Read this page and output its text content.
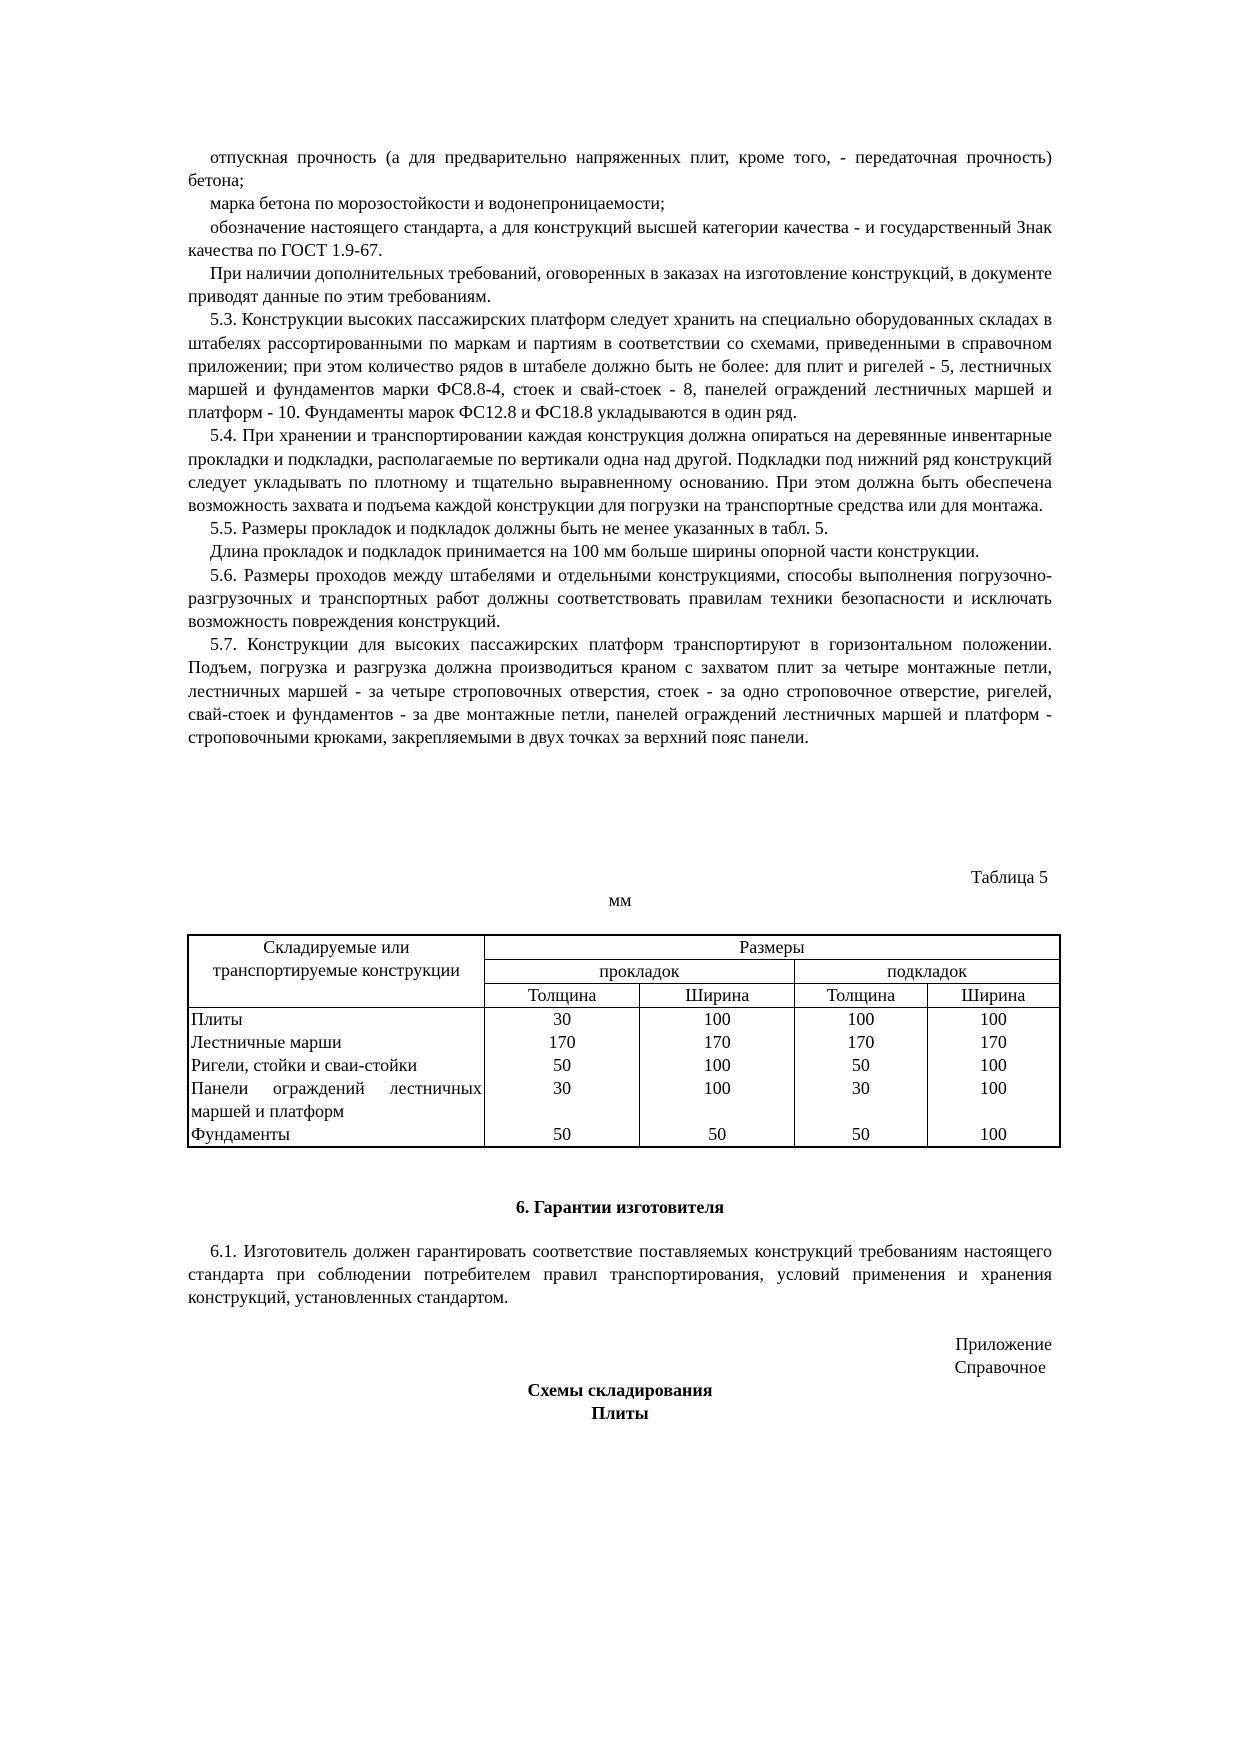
отпускная прочность (а для предварительно напряженных плит, кроме того, - передаточная прочность) бетона;

марка бетона по морозостойкости и водонепроницаемости;

обозначение настоящего стандарта, а для конструкций высшей категории качества - и государственный Знак качества по ГОСТ 1.9-67.

При наличии дополнительных требований, оговоренных в заказах на изготовление конструкций, в документе приводят данные по этим требованиям.

5.3. Конструкции высоких пассажирских платформ следует хранить на специально оборудованных складах в штабелях рассортированными по маркам и партиям в соответствии со схемами, приведенными в справочном приложении; при этом количество рядов в штабеле должно быть не более: для плит и ригелей - 5, лестничных маршей и фундаментов марки ФС8.8-4, стоек и свай-стоек - 8, панелей ограждений лестничных маршей и платформ - 10. Фундаменты марок ФС12.8 и ФС18.8 укладываются в один ряд.

5.4. При хранении и транспортировании каждая конструкция должна опираться на деревянные инвентарные прокладки и подкладки, располагаемые по вертикали одна над другой. Подкладки под нижний ряд конструкций следует укладывать по плотному и тщательно выравненному основанию. При этом должна быть обеспечена возможность захвата и подъема каждой конструкции для погрузки на транспортные средства или для монтажа.

5.5. Размеры прокладок и подкладок должны быть не менее указанных в табл. 5.

Длина прокладок и подкладок принимается на 100 мм больше ширины опорной части конструкции.

5.6. Размеры проходов между штабелями и отдельными конструкциями, способы выполнения погрузочно-разгрузочных и транспортных работ должны соответствовать правилам техники безопасности и исключать возможность повреждения конструкций.

5.7. Конструкции для высоких пассажирских платформ транспортируют в горизонтальном положении. Подъем, погрузка и разгрузка должна производиться краном с захватом плит за четыре монтажные петли, лестничных маршей - за четыре строповочных отверстия, стоек - за одно строповочное отверстие, ригелей, свай-стоек и фундаментов - за две монтажные петли, панелей ограждений лестничных маршей и платформ - строповочными крюками, закрепляемыми в двух точках за верхний пояс панели.

Таблица 5
мм
Складируемые или транспортируемые конструкции	Размеры			
	прокладок		подкладок	
	Толщина	Ширина	Толщина	Ширина
Плиты	30	100	100	100
Лестничные марши	170	170	170	170
Ригели, стойки и сваи-стойки	50	100	50	100
Панели ограждений лестничных маршей и платформ	30	100	30	100
Фундаменты	50	50	50	100
6. Гарантии изготовителя

6.1. Изготовитель должен гарантировать соответствие поставляемых конструкций требованиям настоящего стандарта при соблюдении потребителем правил транспортирования, условий применения и хранения конструкций, установленных стандартом.

Приложение
Справочное
Схемы складирования
Плиты
